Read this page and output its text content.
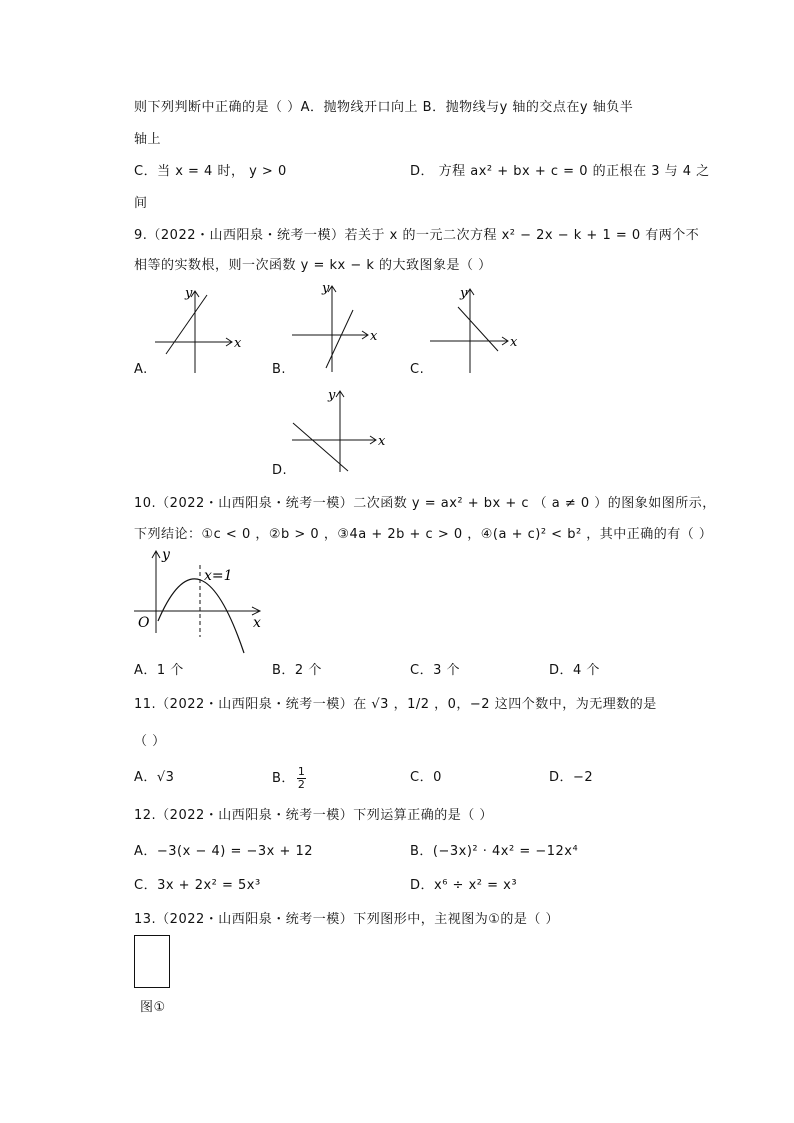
则下列判断中正确的是（ ）A．抛物线开口向上 B．抛物线与y 轴的交点在y 轴负半
轴上
C．当 x = 4 时， y > 0	D． 方程 ax² + bx + c = 0 的正根在 3 与 4 之
间
9.（2022・山西阳泉・统考一模）若关于 x 的一元二次方程 x² − 2x − k + 1 = 0 有两个不
相等的实数根，则一次函数 y = kx − k 的大致图象是（ ）
A.
x
y
B.
x
y
C.
x
y
D.
x
y
10.（2022・山西阳泉・统考一模）二次函数 y = ax² + bx + c （ a ≠ 0 ）的图象如图所示，
下列结论：①c < 0 ，②b > 0 ，③4a + 2b + c > 0 ，④(a + c)² < b² ，其中正确的有（ ）
x=1
O	x
y
A．1 个	B．2 个	C．3 个	D．4 个
11.（2022・山西阳泉・统考一模）在 √3 ，1/2 ，0，−2 这四个数中，为无理数的是
（ ）
A．√3	B． $\frac{1}{2}$	C．0	D．−2
12.（2022・山西阳泉・统考一模）下列运算正确的是（ ）
A．−3(x − 4) = −3x + 12	B．(−3x)² · 4x² = −12x⁴
C．3x + 2x² = 5x³	D．x⁶ ÷ x² = x³
13.（2022・山西阳泉・统考一模）下列图形中，主视图为①的是（ ）
图①
